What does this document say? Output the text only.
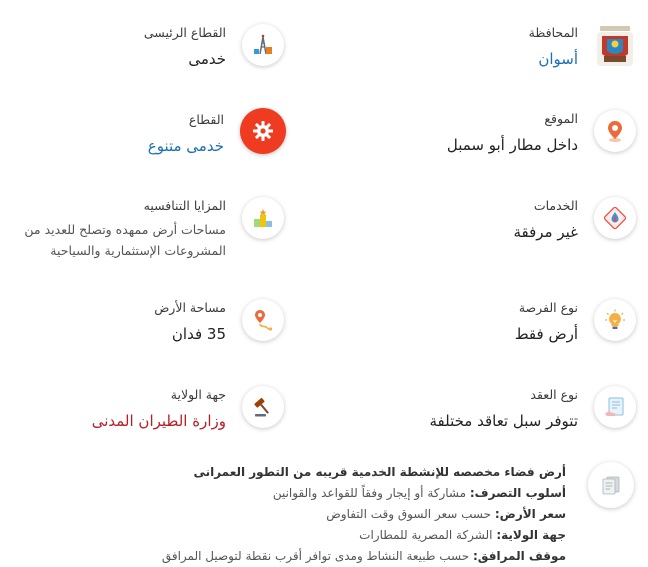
المحافظة
أسوان
القطاع الرئيسى
خدمى
الموقع
داخل مطار أبو سمبل
القطاع
خدمى متنوع
الخدمات
غير مرفقة
المزايا التنافسيه
مساحات أرض ممهده وتصلح للعديد من المشروعات الإستثمارية والسياحية
نوع الفرصة
أرض فقط
مساحة الأرض
35 فدان
نوع العقد
تتوفر سبل تعاقد مختلفة
جهة الولاية
وزارة الطيران المدنى
أرض فضاء مخصصه للإنشطة الخدمية قريبه من التطور العمرانى
أسلوب التصرف: مشاركة أو إيجار وفقاً للقواعد والقوانين
سعر الأرض: حسب سعر السوق وقت التفاوض
جهة الولاية: الشركة المصرية للمطارات
موقف المرافق: حسب طبيعة النشاط ومدى توافر أقرب نقطة لتوصيل المرافق
